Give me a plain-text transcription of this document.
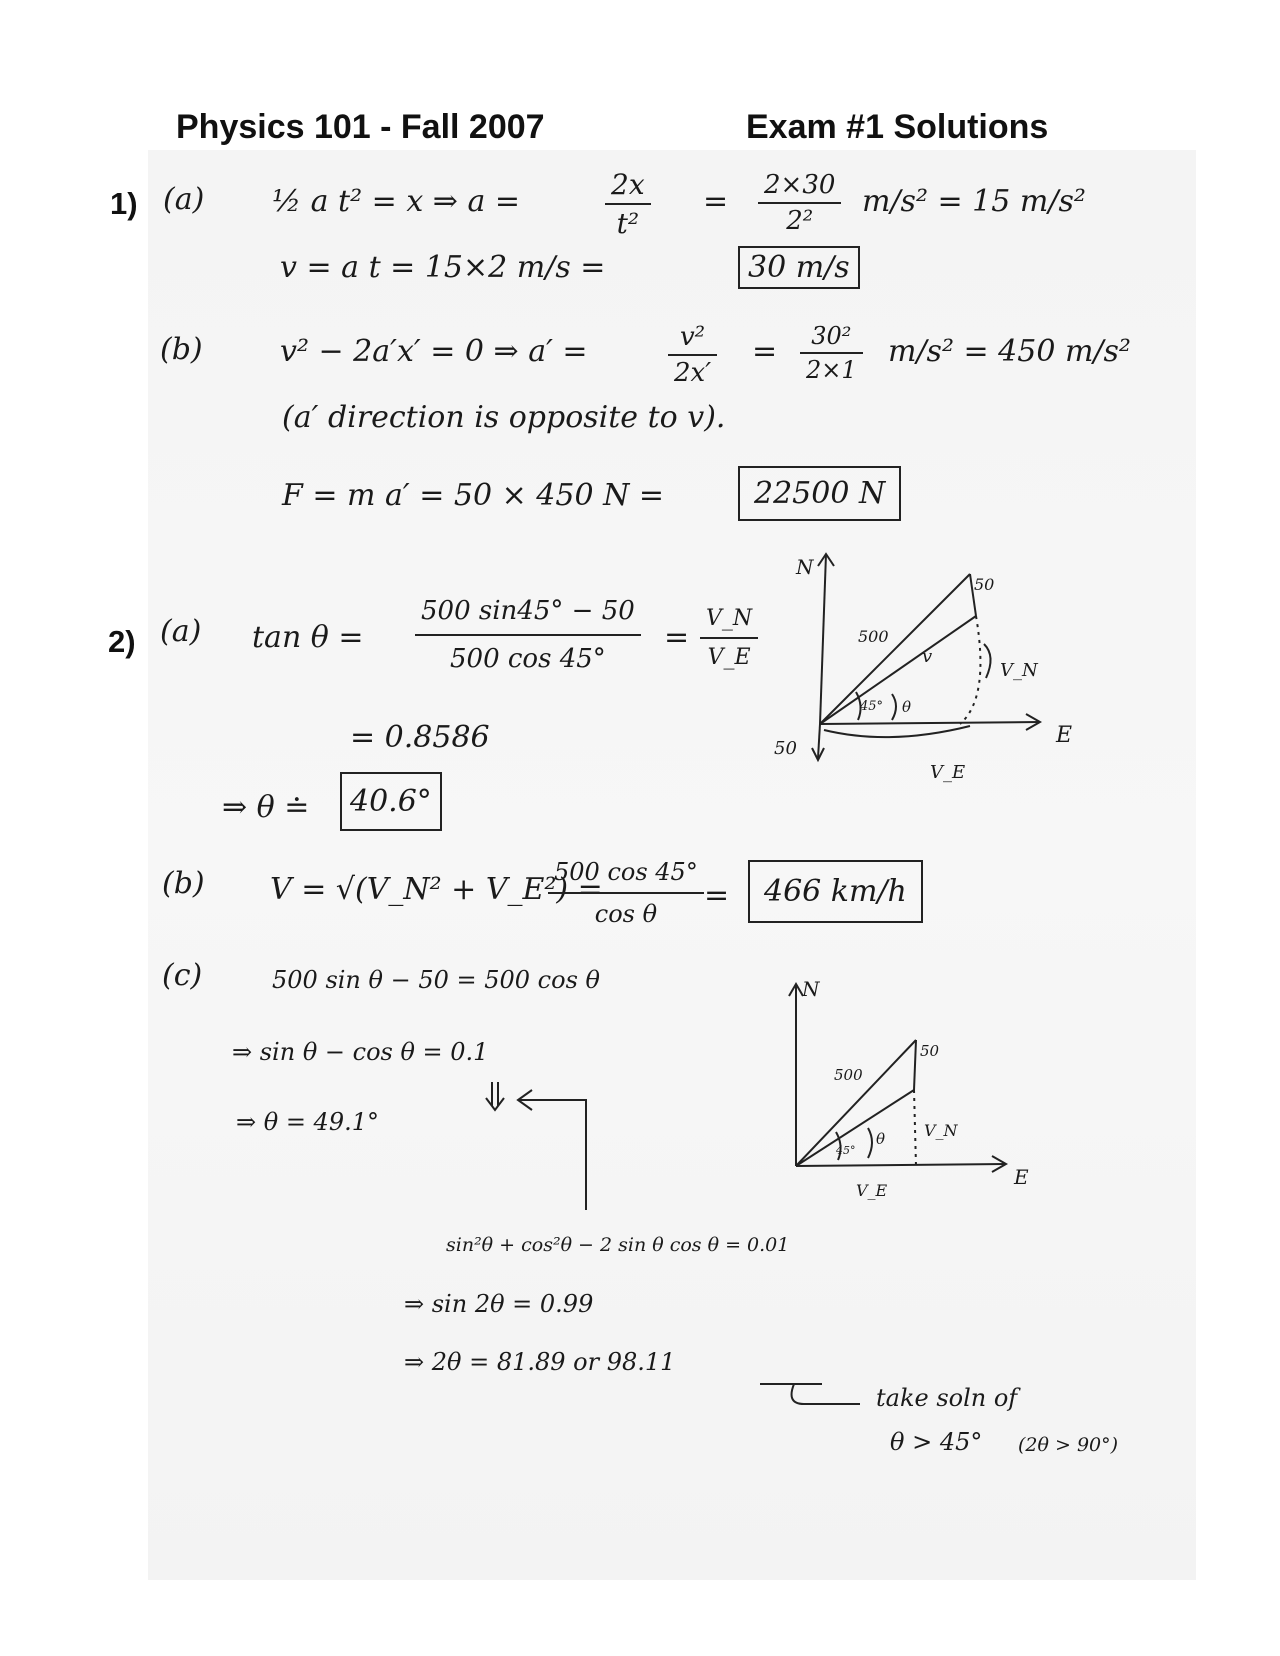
Physics 101 - Fall 2007	Exam #1 Solutions
1) (a) ½ a t² = x ⇒ a =	$\frac{2x}{\text{t²}} = \frac{2\times 30}{\text{2²}} m/s^2 = 15$ m/s²
v = a t = 15×2 m/s =	30 m/s
(b)	v² − 2a′x′ = 0 ⇒ a′ =	$\frac{\text{v²}}{2x'} = \frac{\text{30²}}{2\times 1} m/s^2 = 450$ m/s²
(a′ direction is opposite to v).
F = m a′ = 50 × 450 N =	22500 N
2) (a) $\tan \theta = \frac{500 \sin 45^\circ - 50}{500 \cos 45^\circ} = \frac{V\_N}{V\_E}$
= 0.8586
⇒ θ ≐	40.6°
(b) V = √(V_N² + V_E²) =
$\frac{500 \cos 45^\circ}{\text{cos θ}}$ =	466 km/h
(c)	500 sin θ − 50 = 500 cos θ
⇒ sin θ − cos θ = 0.1
⇒ θ = 49.1°
sin²θ + cos²θ − 2 sin θ cos θ = 0.01
⇒ sin 2θ = 0.99
⇒ 2θ = 81.89 or 98.11
take soln of
θ > 45° (2θ > 90°)
N
E
500
50
50
45° θ
v
V_N
V_E
N
E
500
50
45°
θ V_N
V_E
